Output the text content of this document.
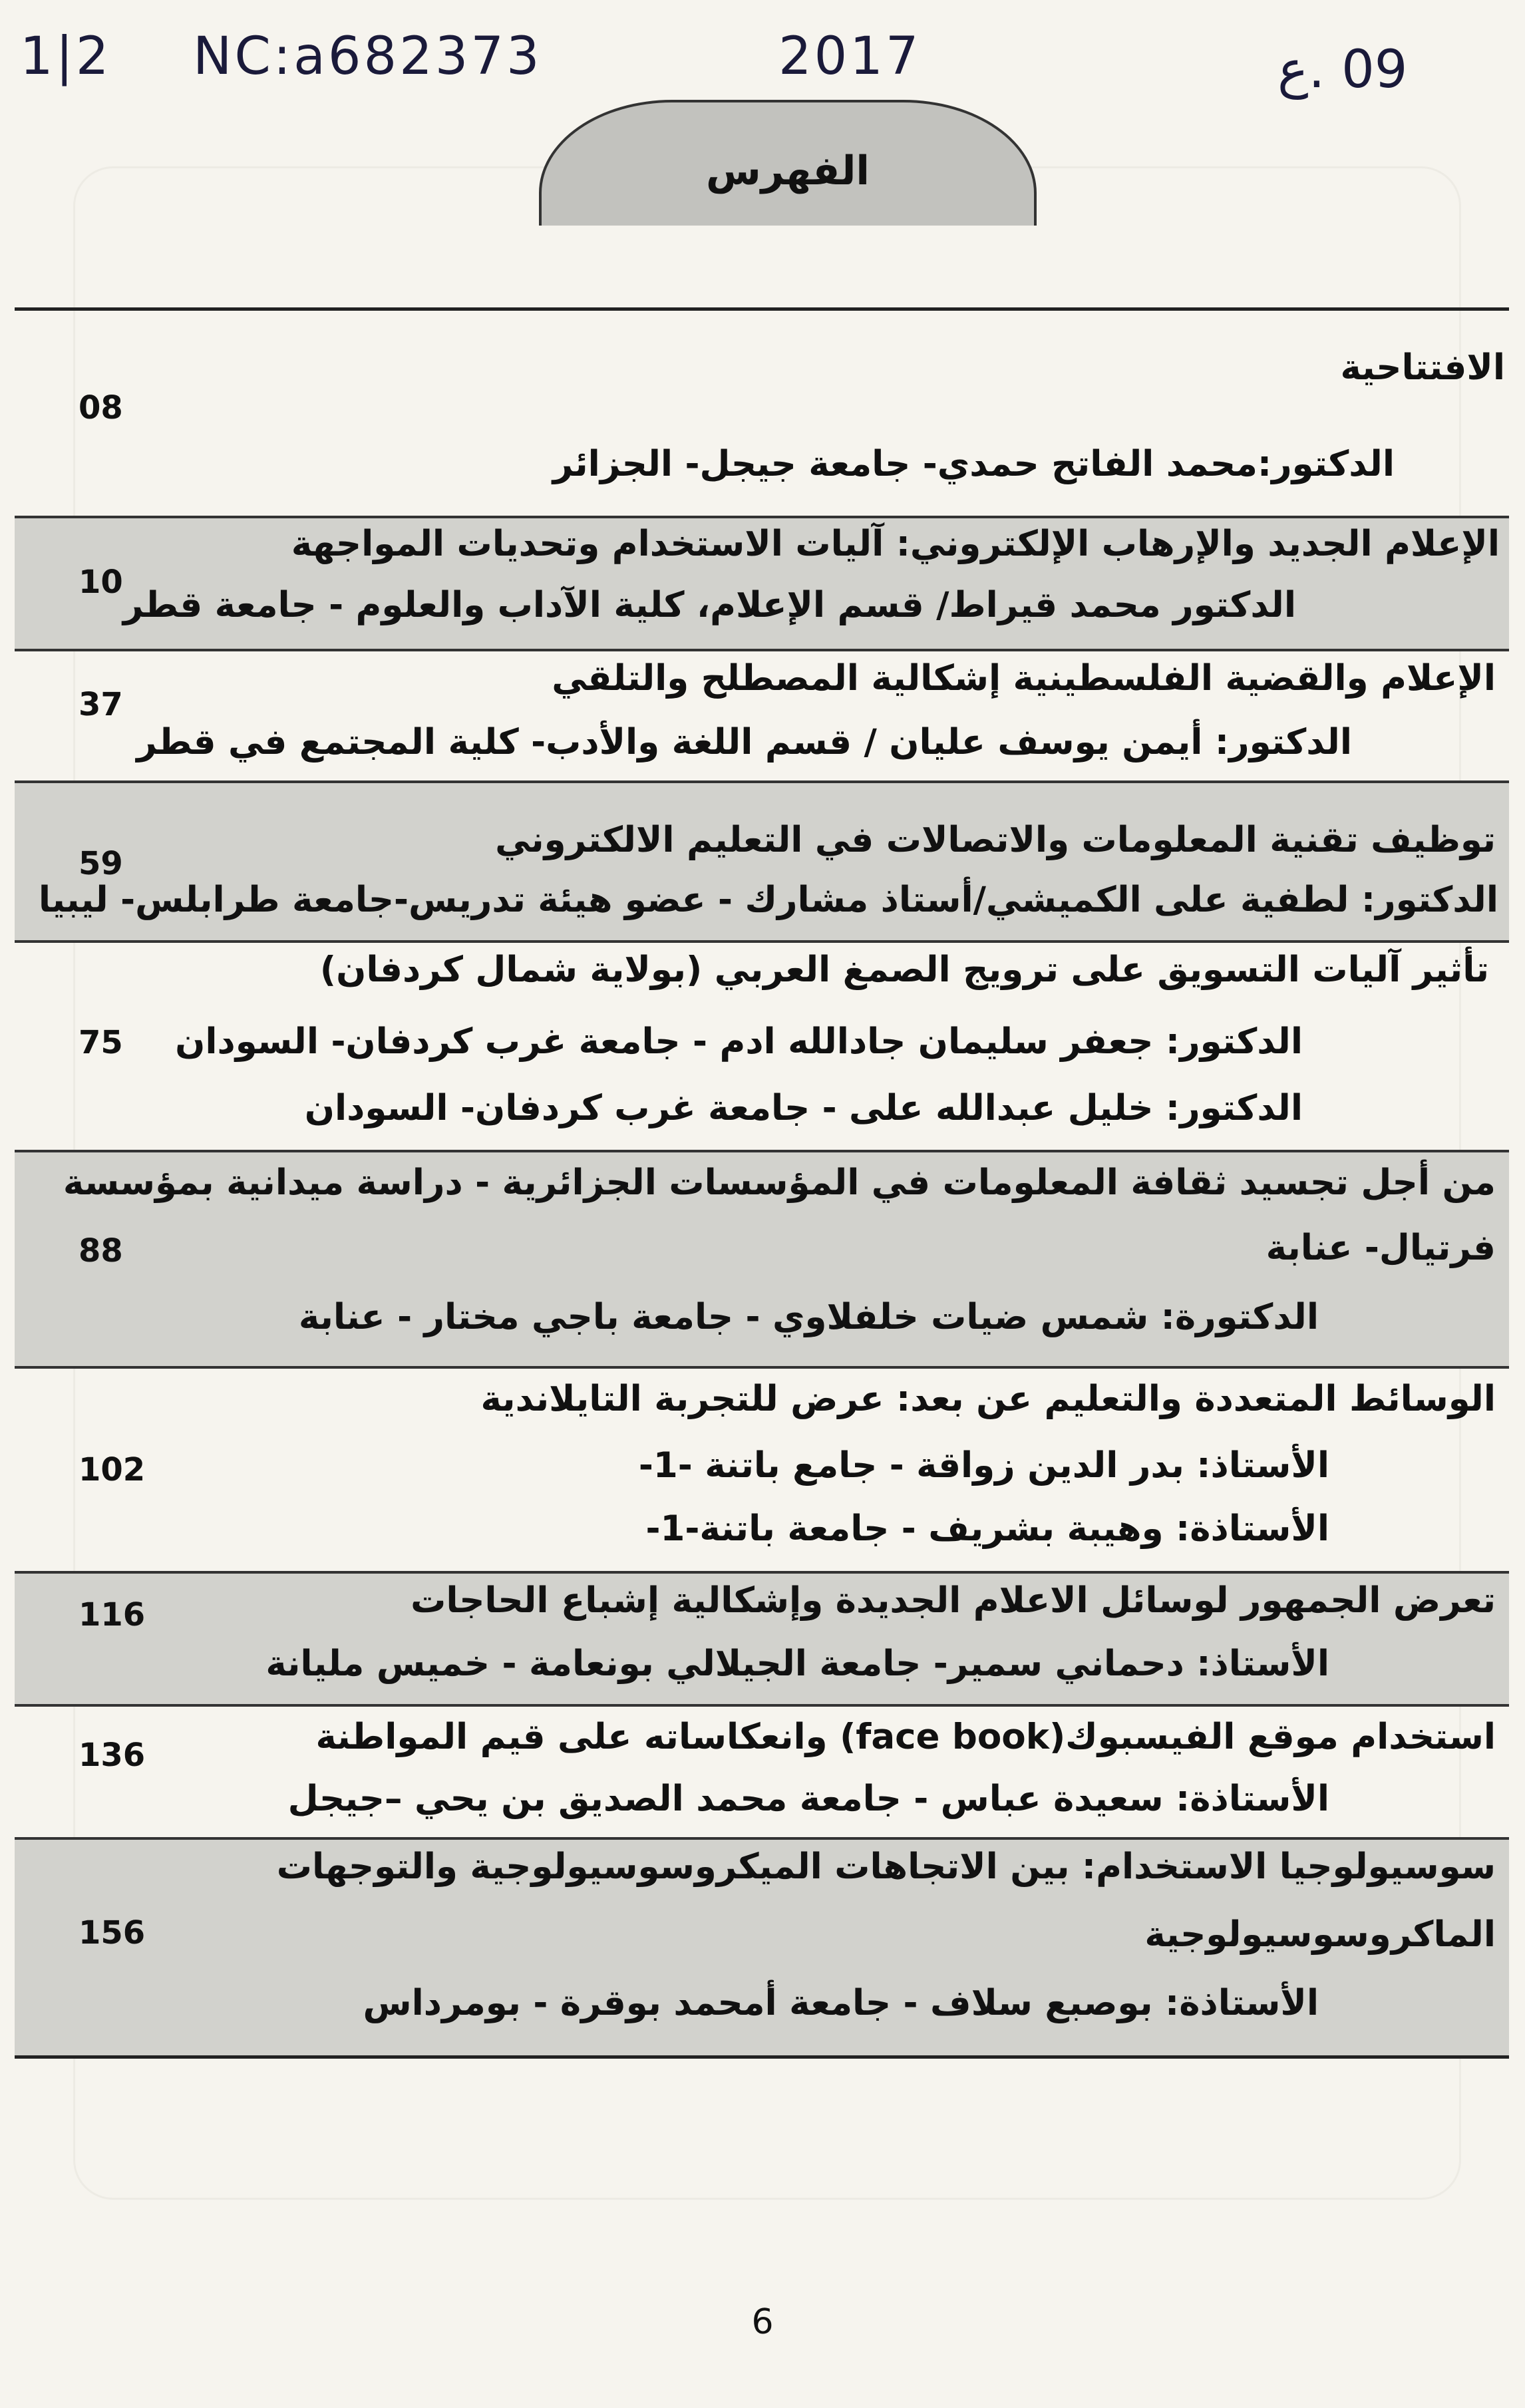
1|2 NC:a682373	2017	09 .ع
الفهرس
الافتتاحية
الدكتور:محمد الفاتح حمدي- جامعة جيجل- الجزائر
08
الإعلام الجديد والإرهاب الإلكتروني: آليات الاستخدام وتحديات المواجهة
الدكتور محمد قيراط/ قسم الإعلام، كلية الآداب والعلوم - جامعة قطر
10
الإعلام والقضية الفلسطينية إشكالية المصطلح والتلقي
الدكتور: أيمن يوسف عليان / قسم اللغة والأدب- كلية المجتمع في قطر
37
توظيف تقنية المعلومات والاتصالات في التعليم الالكتروني
الدكتور: لطفية على الكميشي/أستاذ مشارك - عضو هيئة تدريس-جامعة طرابلس- ليبيا
59
تأثير آليات التسويق على ترويج الصمغ العربي (بولاية شمال كردفان)
الدكتور: جعفر سليمان جادالله ادم - جامعة غرب كردفان- السودان
الدكتور: خليل عبدالله على - جامعة غرب كردفان- السودان
75
من أجل تجسيد ثقافة المعلومات في المؤسسات الجزائرية - دراسة ميدانية بمؤسسة
فرتيال- عنابة
الدكتورة: شمس ضيات خلفلاوي - جامعة باجي مختار - عنابة
88
الوسائط المتعددة والتعليم عن بعد: عرض للتجربة التايلاندية
الأستاذ: بدر الدين زواقة - جامع باتنة -1-
الأستاذة: وهيبة بشريف - جامعة باتنة-1-
102
تعرض الجمهور لوسائل الاعلام الجديدة وإشكالية إشباع الحاجات
الأستاذ: دحماني سمير- جامعة الجيلالي بونعامة - خميس مليانة
116
استخدام موقع الفيسبوك(face book) وانعكاساته على قيم المواطنة
الأستاذة: سعيدة عباس - جامعة محمد الصديق بن يحي –جيجل
136
سوسيولوجيا الاستخدام: بين الاتجاهات الميكروسوسيولوجية والتوجهات
الماكروسوسيولوجية
الأستاذة: بوصبع سلاف - جامعة أمحمد بوقرة - بومرداس
156
6
